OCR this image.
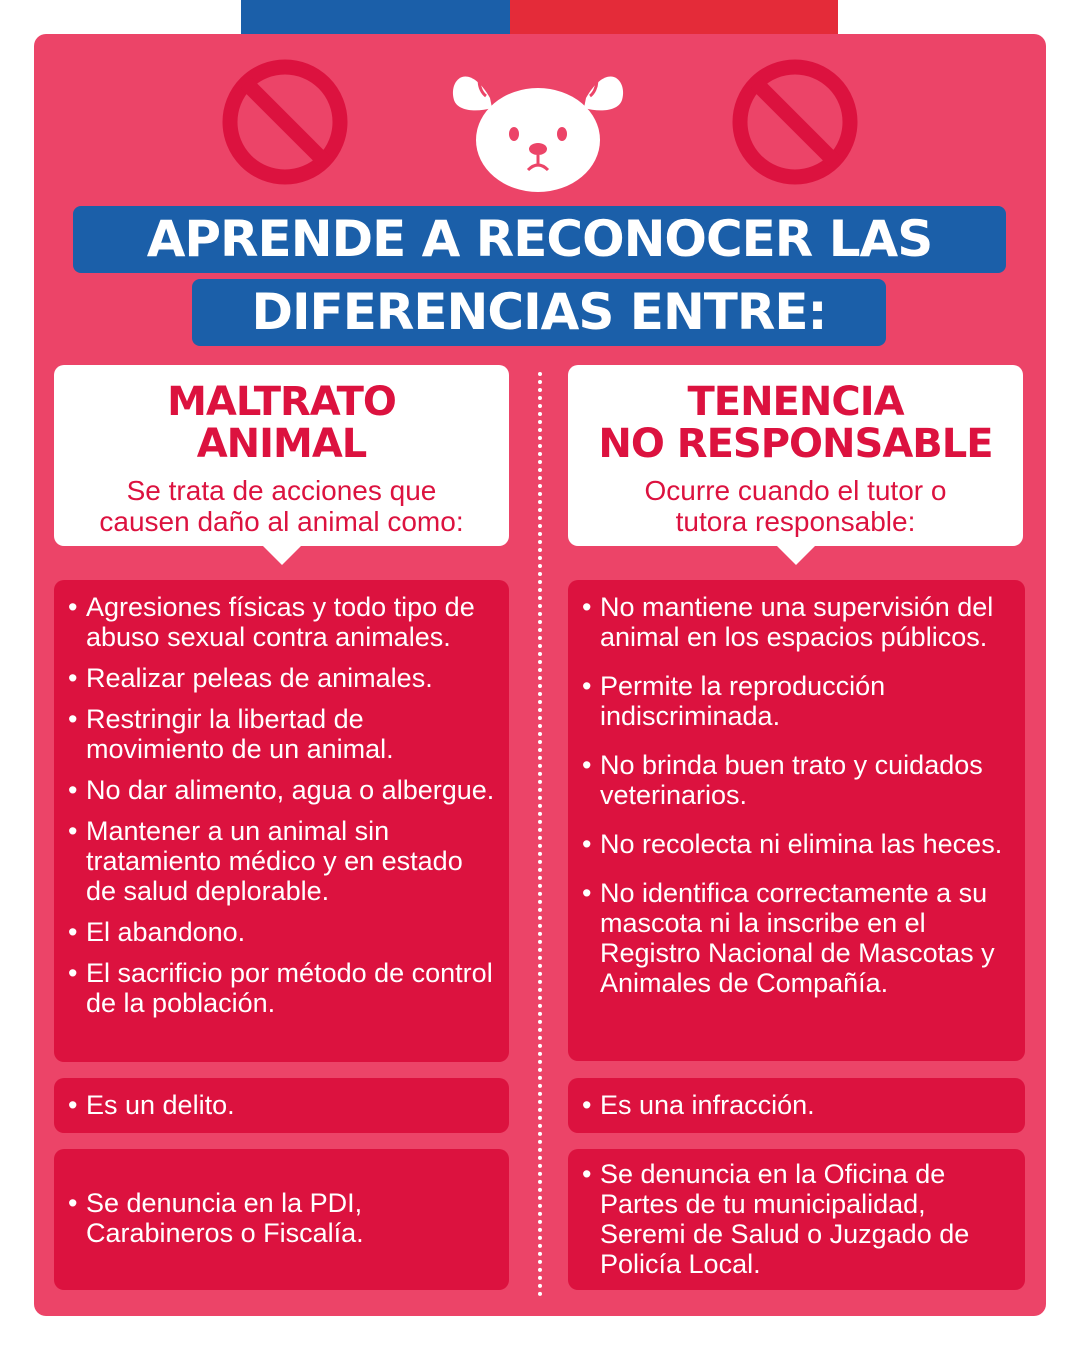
APRENDE A RECONOCER LAS
DIFERENCIAS ENTRE:
MALTRATO
ANIMAL
Se trata de acciones que
causen daño al animal como:
TENENCIA
NO RESPONSABLE
Ocurre cuando el tutor o
tutora responsable:
• Agresiones físicas y todo tipo de abuso sexual contra animales.
• Realizar peleas de animales.
• Restringir la libertad de movimiento de un animal.
• No dar alimento, agua o albergue.
• Mantener a un animal sin tratamiento médico y en estado de salud deplorable.
• El abandono.
• El sacrificio por método de control de la población.
• No mantiene una supervisión del animal en los espacios públicos.
• Permite la reproducción indiscriminada.
• No brinda buen trato y cuidados veterinarios.
• No recolecta ni elimina las heces.
• No identifica correctamente a su mascota ni la inscribe en el Registro Nacional de Mascotas y Animales de Compañía.
• Es un delito.
•	Es una infracción.
• Se denuncia en la PDI, Carabineros o Fiscalía.
• Se denuncia en la Oficina de Partes de tu municipalidad, Seremi de Salud o Juzgado de Policía Local.
